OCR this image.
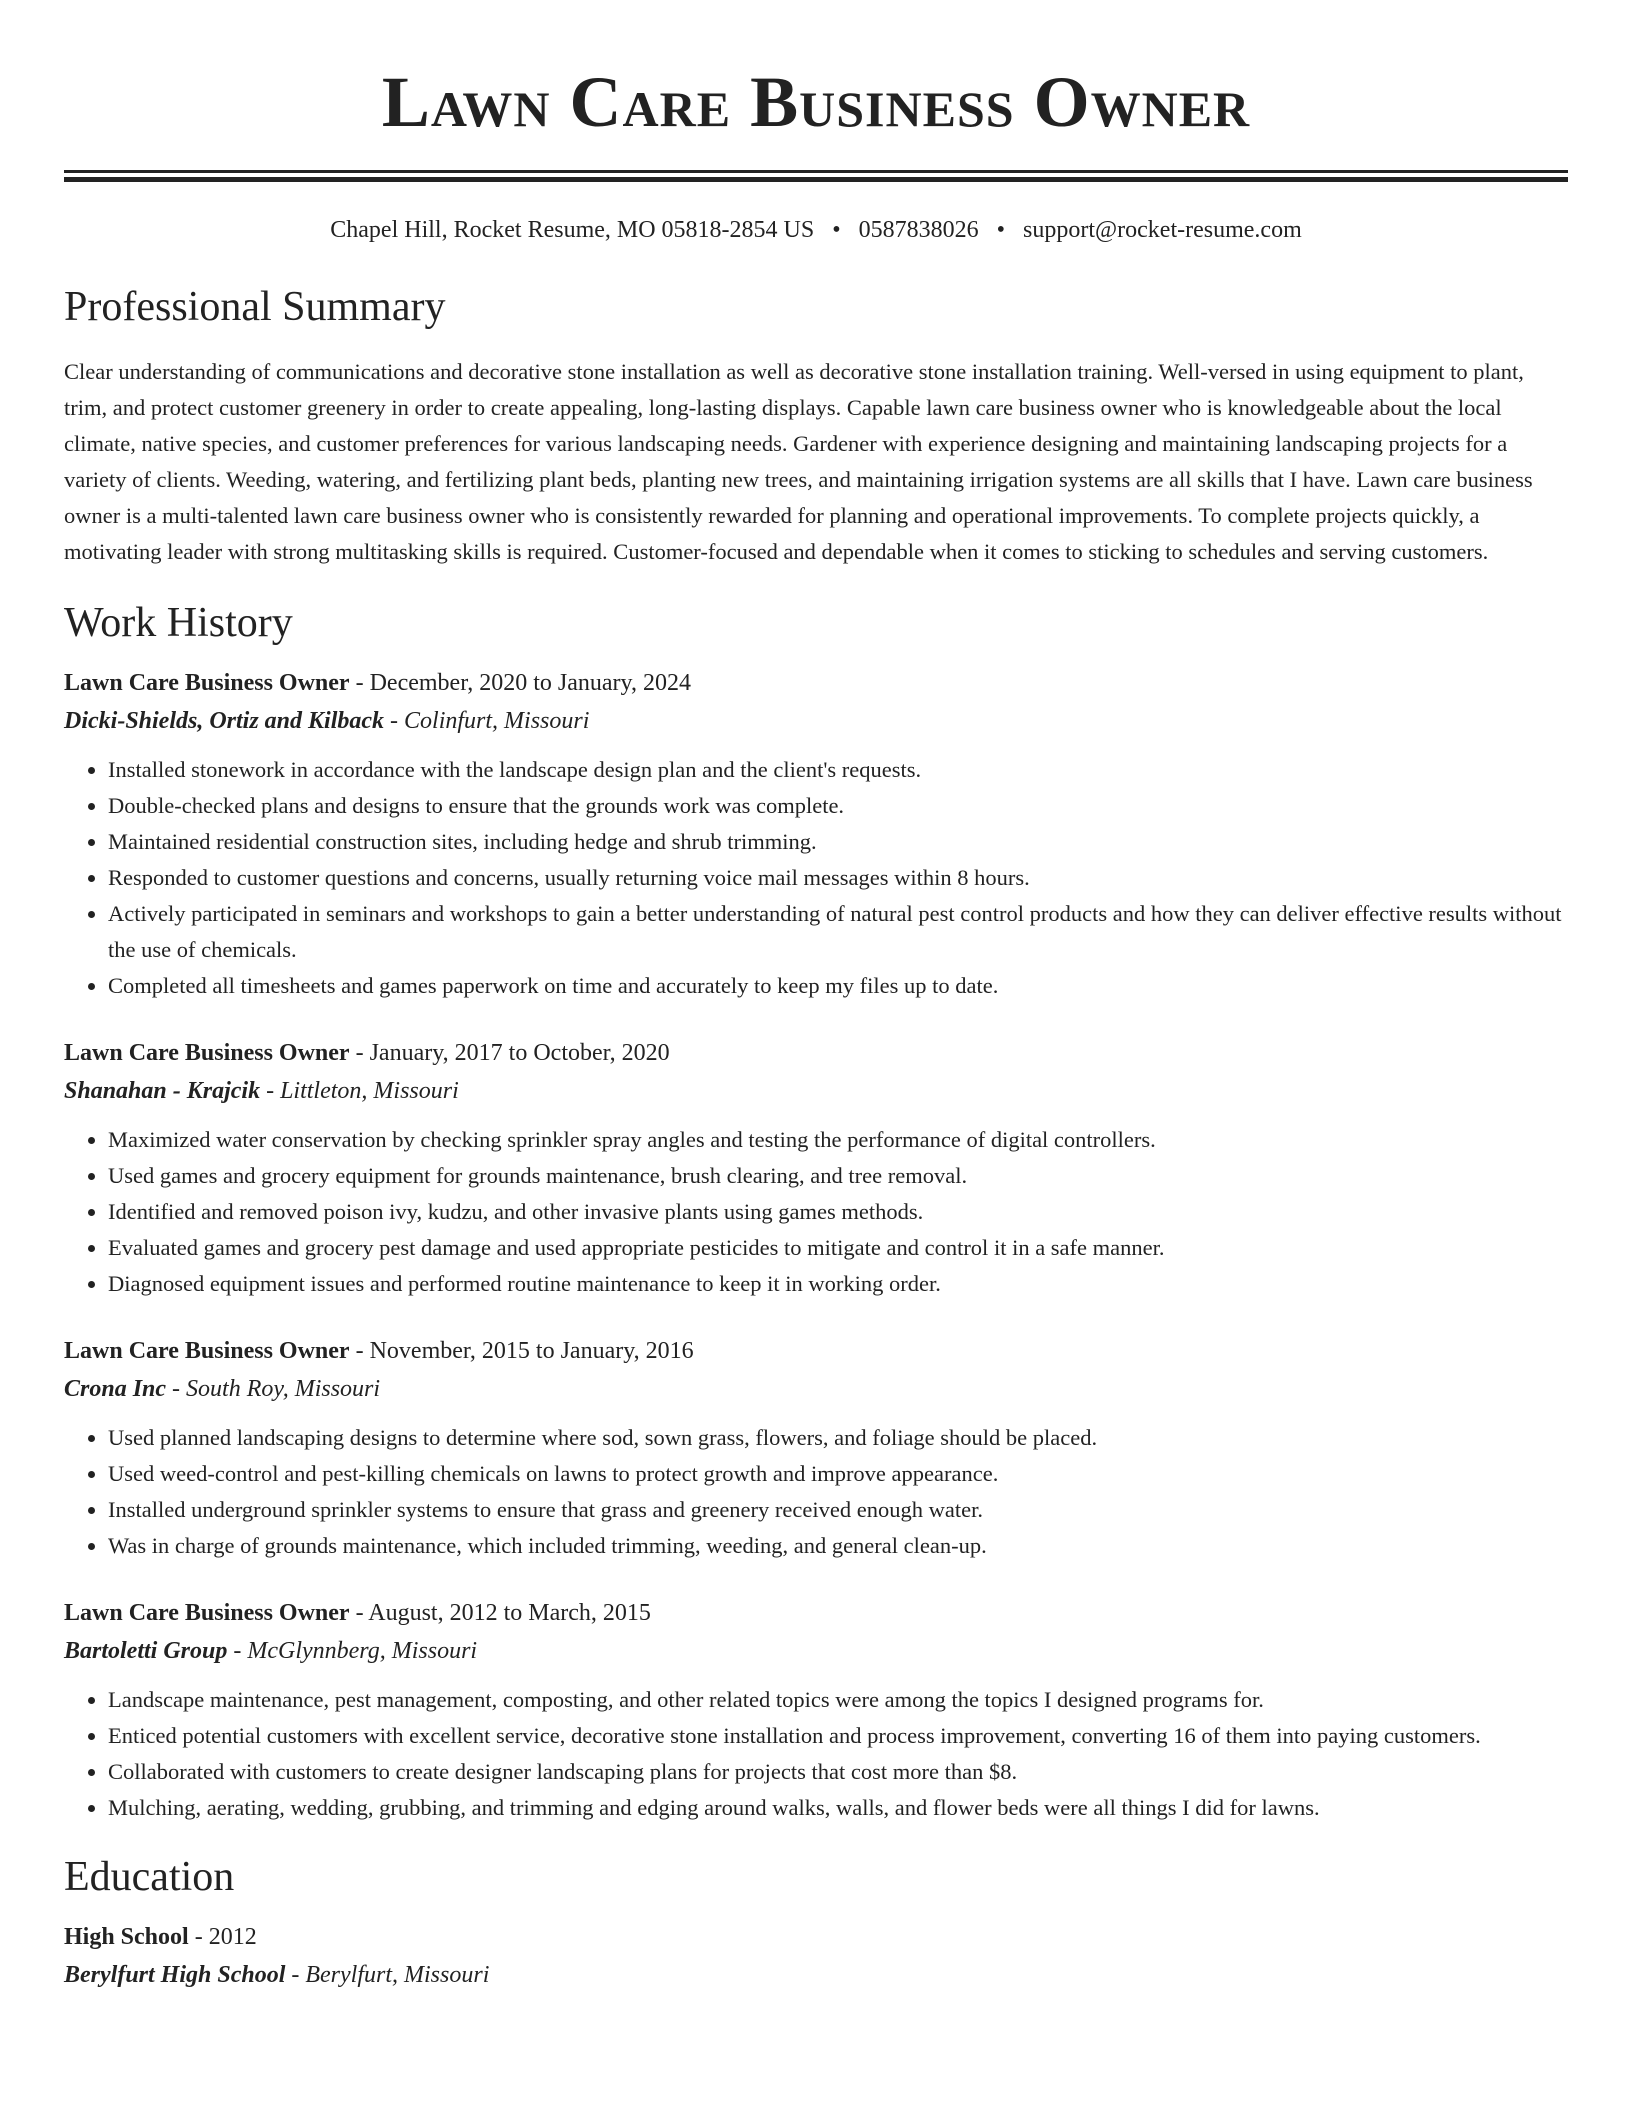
Lawn Care Business Owner
Chapel Hill, Rocket Resume, MO 05818-2854 US • 0587838026 • support@rocket-resume.com
Professional Summary
Clear understanding of communications and decorative stone installation as well as decorative stone installation training. Well-versed in using equipment to plant, trim, and protect customer greenery in order to create appealing, long-lasting displays. Capable lawn care business owner who is knowledgeable about the local climate, native species, and customer preferences for various landscaping needs. Gardener with experience designing and maintaining landscaping projects for a variety of clients. Weeding, watering, and fertilizing plant beds, planting new trees, and maintaining irrigation systems are all skills that I have. Lawn care business owner is a multi-talented lawn care business owner who is consistently rewarded for planning and operational improvements. To complete projects quickly, a motivating leader with strong multitasking skills is required. Customer-focused and dependable when it comes to sticking to schedules and serving customers.
Work History
Lawn Care Business Owner - December, 2020 to January, 2024
Dicki-Shields, Ortiz and Kilback - Colinfurt, Missouri
• Installed stonework in accordance with the landscape design plan and the client's requests.
• Double-checked plans and designs to ensure that the grounds work was complete.
• Maintained residential construction sites, including hedge and shrub trimming.
• Responded to customer questions and concerns, usually returning voice mail messages within 8 hours.
• Actively participated in seminars and workshops to gain a better understanding of natural pest control products and how they can deliver effective results without the use of chemicals.
• Completed all timesheets and games paperwork on time and accurately to keep my files up to date.
Lawn Care Business Owner - January, 2017 to October, 2020
Shanahan - Krajcik - Littleton, Missouri
• Maximized water conservation by checking sprinkler spray angles and testing the performance of digital controllers.
• Used games and grocery equipment for grounds maintenance, brush clearing, and tree removal.
• Identified and removed poison ivy, kudzu, and other invasive plants using games methods.
• Evaluated games and grocery pest damage and used appropriate pesticides to mitigate and control it in a safe manner.
• Diagnosed equipment issues and performed routine maintenance to keep it in working order.
Lawn Care Business Owner - November, 2015 to January, 2016
Crona Inc - South Roy, Missouri
• Used planned landscaping designs to determine where sod, sown grass, flowers, and foliage should be placed.
• Used weed-control and pest-killing chemicals on lawns to protect growth and improve appearance.
• Installed underground sprinkler systems to ensure that grass and greenery received enough water.
• Was in charge of grounds maintenance, which included trimming, weeding, and general clean-up.
Lawn Care Business Owner - August, 2012 to March, 2015
Bartoletti Group - McGlynnberg, Missouri
• Landscape maintenance, pest management, composting, and other related topics were among the topics I designed programs for.
• Enticed potential customers with excellent service, decorative stone installation and process improvement, converting 16 of them into paying customers.
• Collaborated with customers to create designer landscaping plans for projects that cost more than $8.
• Mulching, aerating, wedding, grubbing, and trimming and edging around walks, walls, and flower beds were all things I did for lawns.
Education
High School - 2012
Berylfurt High School - Berylfurt, Missouri
